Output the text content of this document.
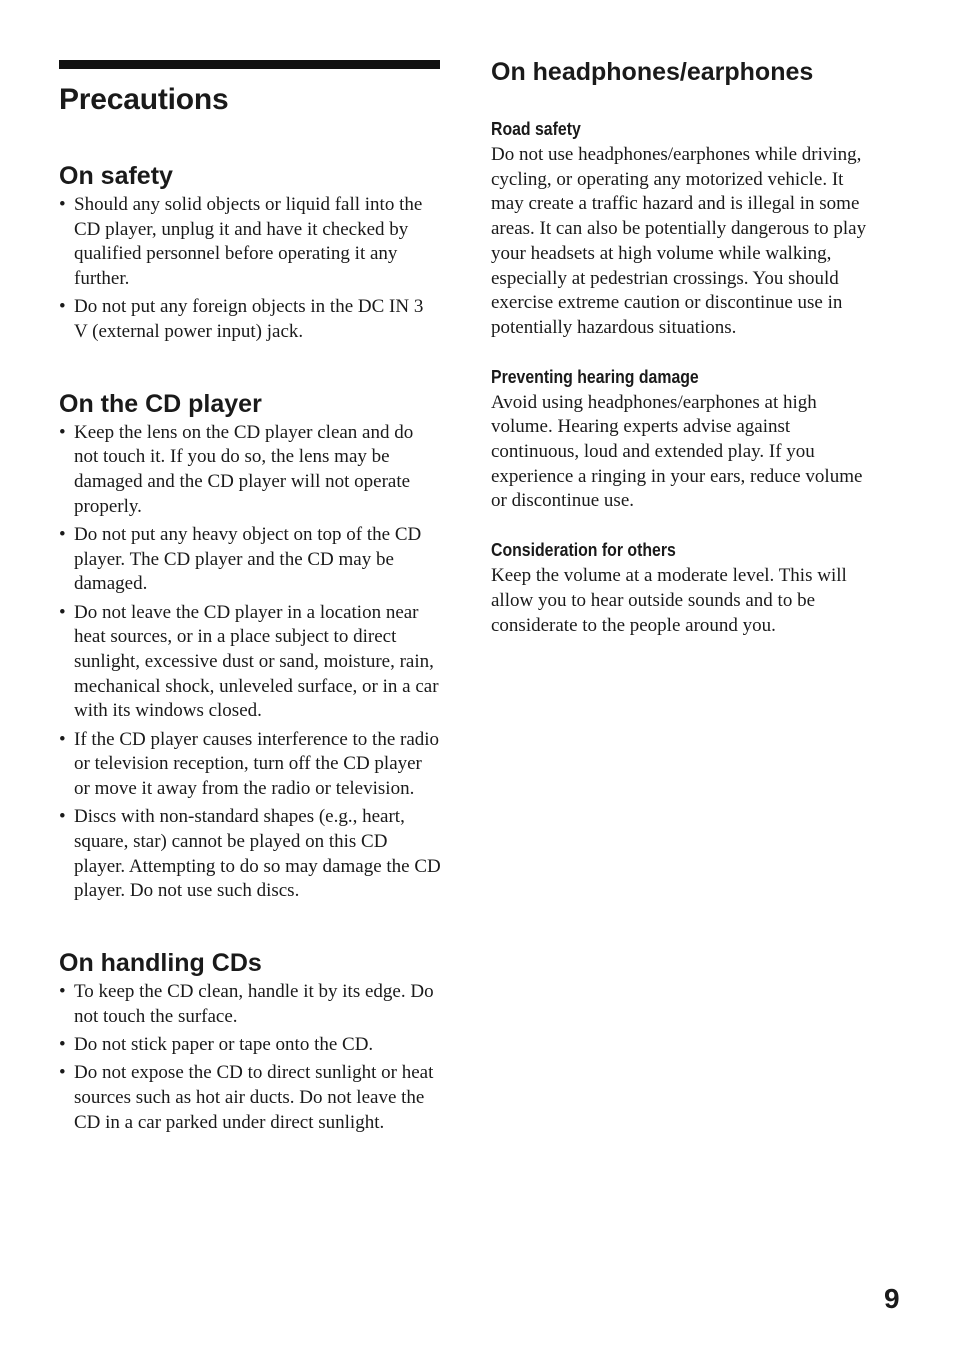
Precautions
On safety
• Should any solid objects or liquid fall into the CD player, unplug it and have it checked by qualified personnel before operating it any further.
• Do not put any foreign objects in the DC IN 3 V (external power input) jack.
On the CD player
• Keep the lens on the CD player clean and do not touch it. If you do so, the lens may be damaged and the CD player will not operate properly.
• Do not put any heavy object on top of the CD player. The CD player and the CD may be damaged.
• Do not leave the CD player in a location near heat sources, or in a place subject to direct sunlight, excessive dust or sand, moisture, rain, mechanical shock, unleveled surface, or in a car with its windows closed.
• If the CD player causes interference to the radio or television reception, turn off the CD player or move it away from the radio or television.
• Discs with non-standard shapes (e.g., heart, square, star) cannot be played on this CD player. Attempting to do so may damage the CD player. Do not use such discs.
On handling CDs
• To keep the CD clean, handle it by its edge. Do not touch the surface.
• Do not stick paper or tape onto the CD.
• Do not expose the CD to direct sunlight or heat sources such as hot air ducts. Do not leave the CD in a car parked under direct sunlight.
On headphones/earphones
Road safety

Do not use headphones/earphones while driving, cycling, or operating any motorized vehicle. It may create a traffic hazard and is illegal in some areas. It can also be potentially dangerous to play your headsets at high volume while walking, especially at pedestrian crossings. You should exercise extreme caution or discontinue use in potentially hazardous situations.

Preventing hearing damage

Avoid using headphones/earphones at high volume. Hearing experts advise against continuous, loud and extended play. If you experience a ringing in your ears, reduce volume or discontinue use.

Consideration for others

Keep the volume at a moderate level. This will allow you to hear outside sounds and to be considerate to the people around you.

9
